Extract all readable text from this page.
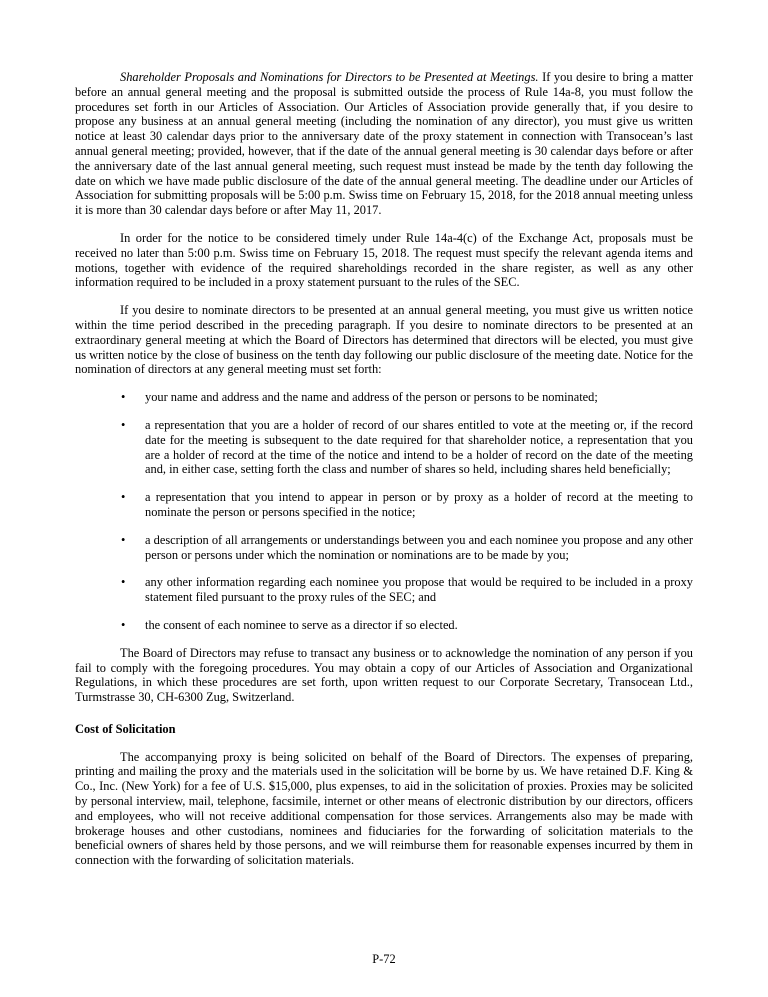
Shareholder Proposals and Nominations for Directors to be Presented at Meetings. If you desire to bring a matter before an annual general meeting and the proposal is submitted outside the process of Rule 14a-8, you must follow the procedures set forth in our Articles of Association. Our Articles of Association provide generally that, if you desire to propose any business at an annual general meeting (including the nomination of any director), you must give us written notice at least 30 calendar days prior to the anniversary date of the proxy statement in connection with Transocean’s last annual general meeting; provided, however, that if the date of the annual general meeting is 30 calendar days before or after the anniversary date of the last annual general meeting, such request must instead be made by the tenth day following the date on which we have made public disclosure of the date of the annual general meeting. The deadline under our Articles of Association for submitting proposals will be 5:00 p.m. Swiss time on February 15, 2018, for the 2018 annual meeting unless it is more than 30 calendar days before or after May 11, 2017.

In order for the notice to be considered timely under Rule 14a-4(c) of the Exchange Act, proposals must be received no later than 5:00 p.m. Swiss time on February 15, 2018. The request must specify the relevant agenda items and motions, together with evidence of the required shareholdings recorded in the share register, as well as any other information required to be included in a proxy statement pursuant to the rules of the SEC.

If you desire to nominate directors to be presented at an annual general meeting, you must give us written notice within the time period described in the preceding paragraph. If you desire to nominate directors to be presented at an extraordinary general meeting at which the Board of Directors has determined that directors will be elected, you must give us written notice by the close of business on the tenth day following our public disclosure of the meeting date. Notice for the nomination of directors at any general meeting must set forth:

• your name and address and the name and address of the person or persons to be nominated;
• a representation that you are a holder of record of our shares entitled to vote at the meeting or, if the record date for the meeting is subsequent to the date required for that shareholder notice, a representation that you are a holder of record at the time of the notice and intend to be a holder of record on the date of the meeting and, in either case, setting forth the class and number of shares so held, including shares held beneficially;
• a representation that you intend to appear in person or by proxy as a holder of record at the meeting to nominate the person or persons specified in the notice;
• a description of all arrangements or understandings between you and each nominee you propose and any other person or persons under which the nomination or nominations are to be made by you;
• any other information regarding each nominee you propose that would be required to be included in a proxy statement filed pursuant to the proxy rules of the SEC; and
• the consent of each nominee to serve as a director if so elected.

The Board of Directors may refuse to transact any business or to acknowledge the nomination of any person if you fail to comply with the foregoing procedures. You may obtain a copy of our Articles of Association and Organizational Regulations, in which these procedures are set forth, upon written request to our Corporate Secretary, Transocean Ltd., Turmstrasse 30, CH-6300 Zug, Switzerland.

Cost of Solicitation

The accompanying proxy is being solicited on behalf of the Board of Directors. The expenses of preparing, printing and mailing the proxy and the materials used in the solicitation will be borne by us. We have retained D.F. King & Co., Inc. (New York) for a fee of U.S. $15,000, plus expenses, to aid in the solicitation of proxies. Proxies may be solicited by personal interview, mail, telephone, facsimile, internet or other means of electronic distribution by our directors, officers and employees, who will not receive additional compensation for those services. Arrangements also may be made with brokerage houses and other custodians, nominees and fiduciaries for the forwarding of solicitation materials to the beneficial owners of shares held by those persons, and we will reimburse them for reasonable expenses incurred by them in connection with the forwarding of solicitation materials.

P-72
